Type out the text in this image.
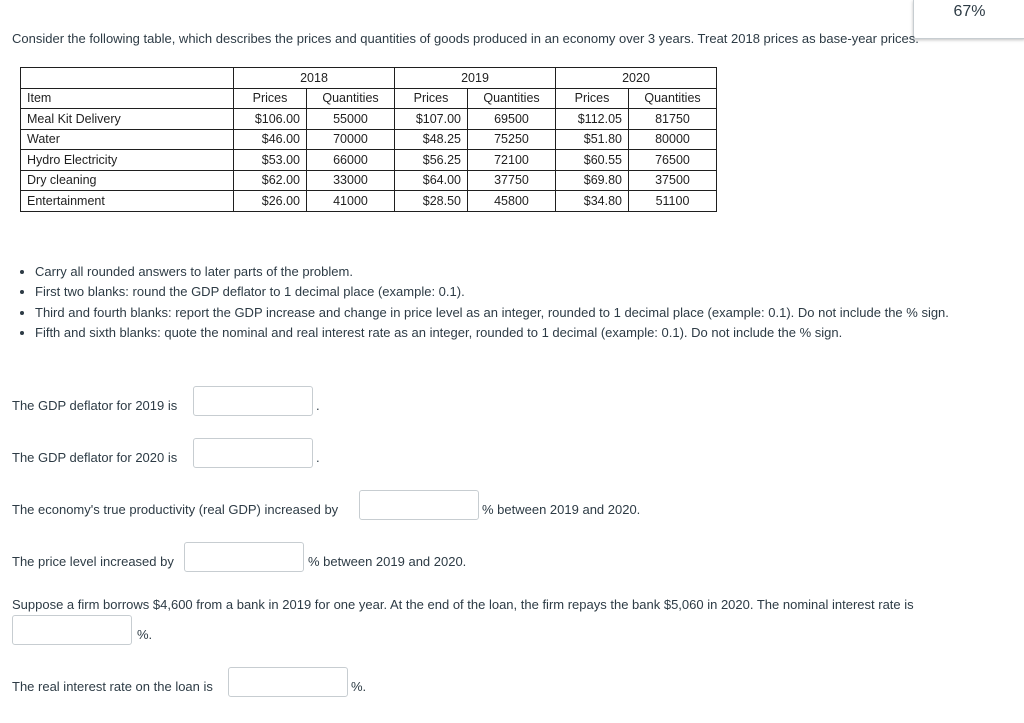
67%
Consider the following table, which describes the prices and quantities of goods produced in an economy over 3 years. Treat 2018 prices as base-year prices.
	2018		2019		2020	
Item	Prices	Quantities	Prices	Quantities	Prices	Quantities
Meal Kit Delivery	$106.00	55000	$107.00	69500	$112.05	81750
Water	$46.00	70000	$48.25	75250	$51.80	80000
Hydro Electricity	$53.00	66000	$56.25	72100	$60.55	76500
Dry cleaning	$62.00	33000	$64.00	37750	$69.80	37500
Entertainment	$26.00	41000	$28.50	45800	$34.80	51100
• Carry all rounded answers to later parts of the problem.
• First two blanks: round the GDP deflator to 1 decimal place (example: 0.1).
• Third and fourth blanks: report the GDP increase and change in price level as an integer, rounded to 1 decimal place (example: 0.1). Do not include the % sign.
• Fifth and sixth blanks: quote the nominal and real interest rate as an integer, rounded to 1 decimal (example: 0.1). Do not include the % sign.
The GDP deflator for 2019 is	.
The GDP deflator for 2020 is	.
The economy's true productivity (real GDP) increased by	% between 2019 and 2020.
The price level increased by	% between 2019 and 2020.
Suppose a firm borrows $4,600 from a bank in 2019 for one year. At the end of the loan, the firm repays the bank $5,060 in 2020. The nominal interest rate is
%.
The real interest rate on the loan is	%.
